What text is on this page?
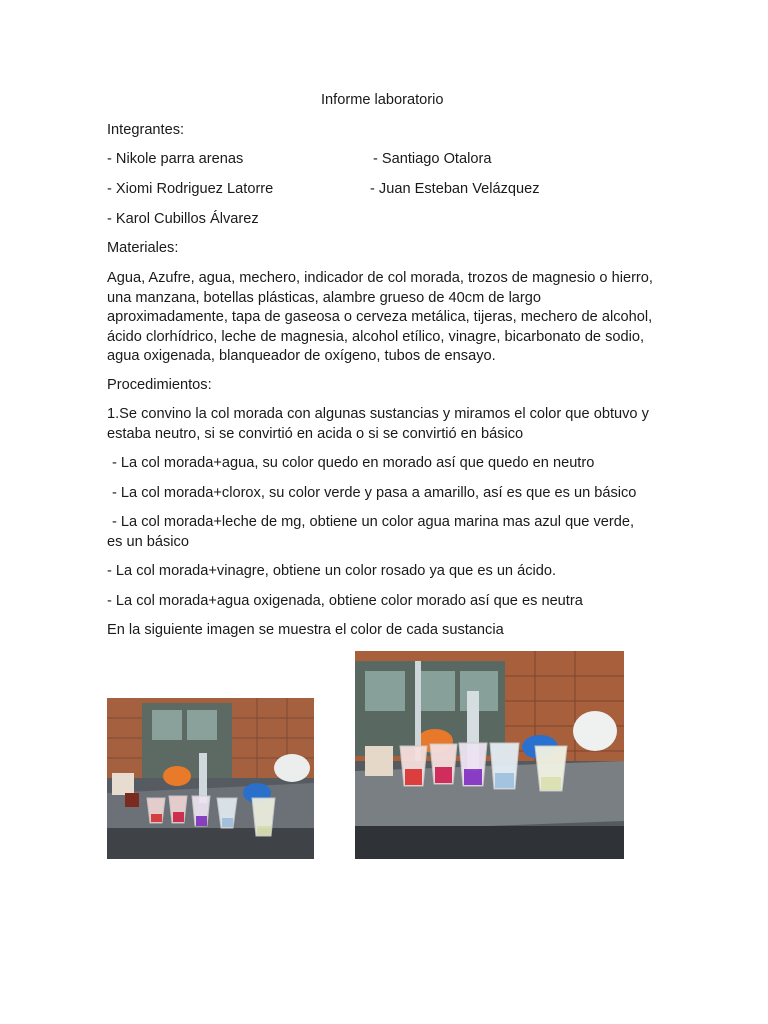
Informe laboratorio
Integrantes:
- Nikole parra arenas	- Santiago Otalora
- Xiomi Rodriguez Latorre	- Juan Esteban Velázquez
- Karol Cubillos Álvarez
Materiales:
Agua, Azufre, agua, mechero, indicador de col morada, trozos de magnesio o hierro, una manzana, botellas plásticas, alambre grueso de 40cm de largo aproximadamente, tapa de gaseosa o cerveza metálica, tijeras, mechero de alcohol, ácido clorhídrico, leche de magnesia, alcohol etílico, vinagre, bicarbonato de sodio, agua oxigenada, blanqueador de oxígeno, tubos de ensayo.
Procedimientos:
1.Se convino la col morada con algunas sustancias y miramos el color que obtuvo y estaba neutro, si se convirtió en acida o si se convirtió en básico
- La col morada+agua, su color quedo en morado así que quedo en neutro
- La col morada+clorox, su color verde y pasa a amarillo, así es que es un básico
- La col morada+leche de mg, obtiene un color agua marina mas azul que verde, es un básico
- La col morada+vinagre, obtiene un color rosado ya que es un ácido.
- La col morada+agua oxigenada, obtiene color morado así que es neutra
En la siguiente imagen se muestra el color de cada sustancia
